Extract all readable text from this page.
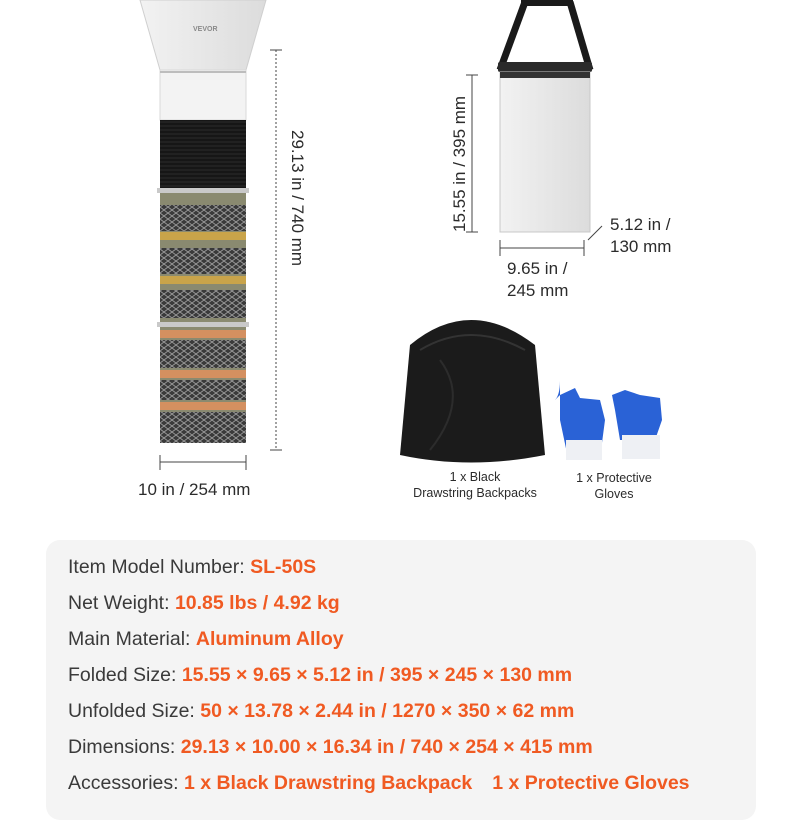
VEVOR
29.13 in / 740 mm
10 in / 254 mm
15.55 in / 395 mm
9.65 in /
245 mm
5.12 in /
130 mm
1 x Black
Drawstring Backpacks
1 x Protective
Gloves
Item Model Number: SL-50S
Net Weight: 10.85 lbs / 4.92 kg
Main Material: Aluminum Alloy
Folded Size: 15.55 × 9.65 × 5.12 in / 395 × 245 × 130 mm
Unfolded Size: 50 × 13.78 × 2.44 in / 1270 × 350 × 62 mm
Dimensions: 29.13 × 10.00 × 16.34 in / 740 × 254 × 415 mm
Accessories: 1 x Black Drawstring Backpack 1 x Protective Gloves
